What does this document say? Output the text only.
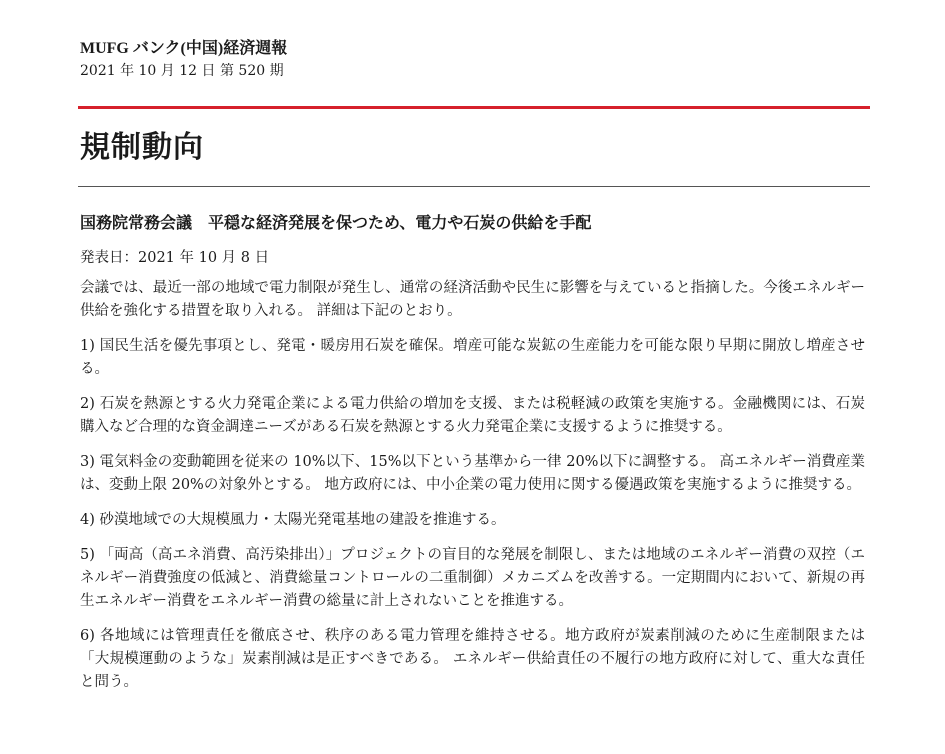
MUFG バンク(中国)経済週報
2021 年 10 月 12 日 第 520 期
規制動向
国務院常務会議　平穏な経済発展を保つため、電力や石炭の供給を手配
発表日：2021 年 10 月 8 日
会議では、最近一部の地域で電力制限が発生し、通常の経済活動や民生に影響を与えていると指摘した。今後エネルギー供給を強化する措置を取り入れる。 詳細は下記のとおり。
1) 国民生活を優先事項とし、発電・暖房用石炭を確保。増産可能な炭鉱の生産能力を可能な限り早期に開放し増産させる。
2) 石炭を熱源とする火力発電企業による電力供給の増加を支援、または税軽減の政策を実施する。金融機関には、石炭購入など合理的な資金調達ニーズがある石炭を熱源とする火力発電企業に支援するように推奨する。
3) 電気料金の変動範囲を従来の 10%以下、15%以下という基準から一律 20%以下に調整する。 高エネルギー消費産業は、変動上限 20%の対象外とする。 地方政府には、中小企業の電力使用に関する優遇政策を実施するように推奨する。
4) 砂漠地域での大規模風力・太陽光発電基地の建設を推進する。
5) 「両高（高エネ消費、高汚染排出）」プロジェクトの盲目的な発展を制限し、または地域のエネルギー消費の双控（エネルギー消費強度の低減と、消費総量コントロールの二重制御）メカニズムを改善する。一定期間内において、新規の再生エネルギー消費をエネルギー消費の総量に計上されないことを推進する。
6) 各地域には管理責任を徹底させ、秩序のある電力管理を維持させる。地方政府が炭素削減のために生産制限または「大規模運動のような」炭素削減は是正すべきである。 エネルギー供給責任の不履行の地方政府に対して、重大な責任と問う。
